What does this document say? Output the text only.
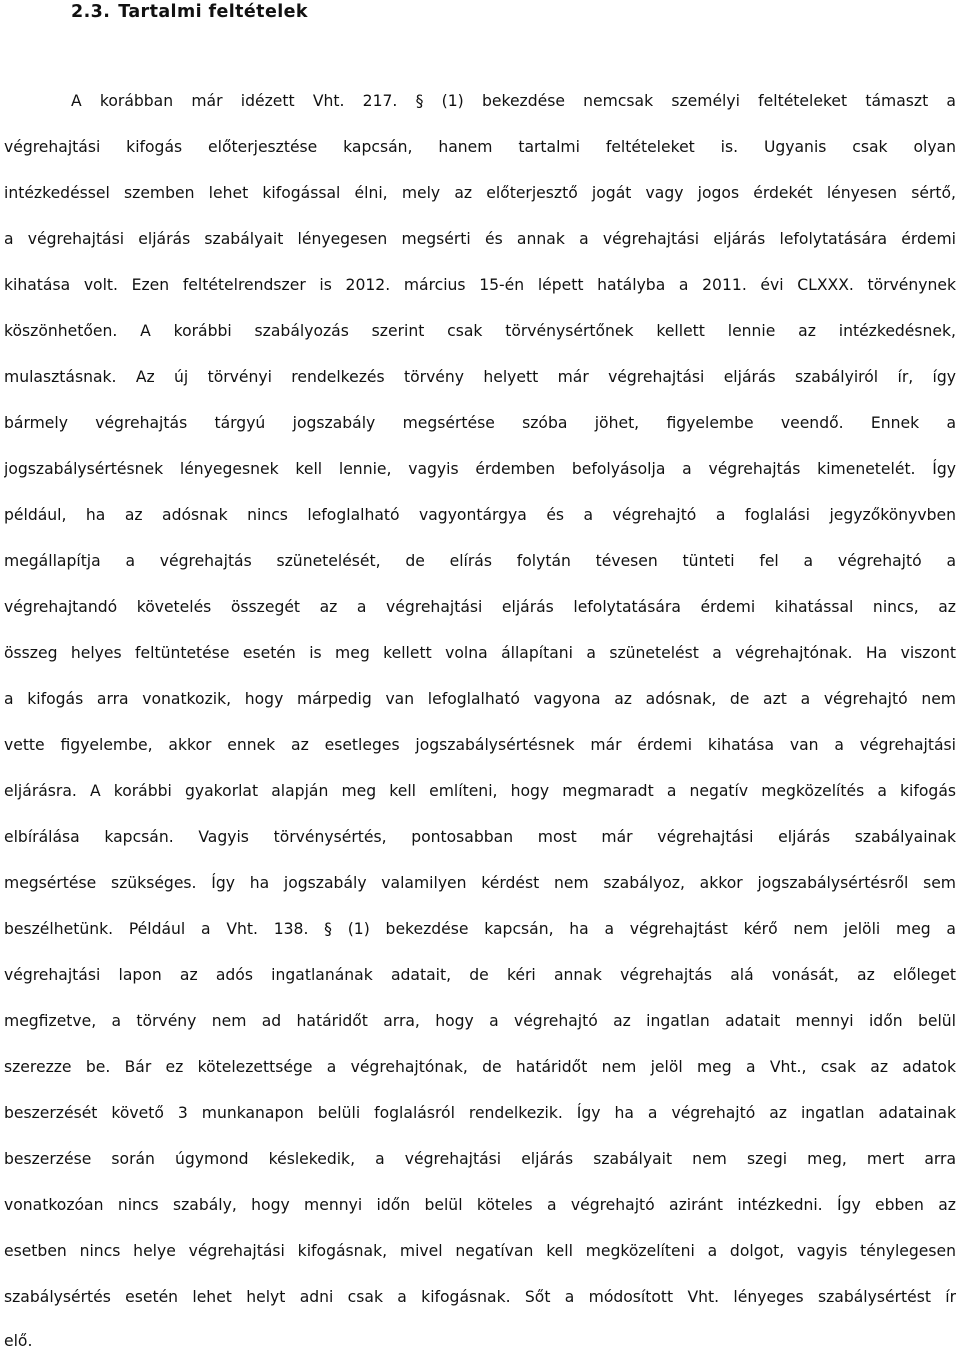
2.3. Tartalmi feltételek

A korábban már idézett Vht. 217. § (1) bekezdése nemcsak személyi feltételeket támaszt a

végrehajtási kifogás előterjesztése kapcsán, hanem tartalmi feltételeket is. Ugyanis csak olyan

intézkedéssel szemben lehet kifogással élni, mely az előterjesztő jogát vagy jogos érdekét lényesen sértő,

a végrehajtási eljárás szabályait lényegesen megsérti és annak a végrehajtási eljárás lefolytatására érdemi

kihatása volt. Ezen feltételrendszer is 2012. március 15-én lépett hatályba a 2011. évi CLXXX. törvénynek

köszönhetően. A korábbi szabályozás szerint csak törvénysértőnek kellett lennie az intézkedésnek,

mulasztásnak. Az új törvényi rendelkezés törvény helyett már végrehajtási eljárás szabályiról ír, így

bármely végrehajtás tárgyú jogszabály megsértése szóba jöhet, figyelembe veendő. Ennek a

jogszabálysértésnek lényegesnek kell lennie, vagyis érdemben befolyásolja a végrehajtás kimenetelét. Így

például, ha az adósnak nincs lefoglalható vagyontárgya és a végrehajtó a foglalási jegyzőkönyvben

megállapítja a végrehajtás szünetelését, de elírás folytán tévesen tünteti fel a végrehajtó a

végrehajtandó követelés összegét az a végrehajtási eljárás lefolytatására érdemi kihatással nincs, az

összeg helyes feltüntetése esetén is meg kellett volna állapítani a szünetelést a végrehajtónak. Ha viszont

a kifogás arra vonatkozik, hogy márpedig van lefoglalható vagyona az adósnak, de azt a végrehajtó nem

vette figyelembe, akkor ennek az esetleges jogszabálysértésnek már érdemi kihatása van a végrehajtási

eljárásra. A korábbi gyakorlat alapján meg kell említeni, hogy megmaradt a negatív megközelítés a kifogás

elbírálása kapcsán. Vagyis törvénysértés, pontosabban most már végrehajtási eljárás szabályainak

megsértése szükséges. Így ha jogszabály valamilyen kérdést nem szabályoz, akkor jogszabálysértésről sem

beszélhetünk. Például a Vht. 138. § (1) bekezdése kapcsán, ha a végrehajtást kérő nem jelöli meg a

végrehajtási lapon az adós ingatlanának adatait, de kéri annak végrehajtás alá vonását, az előleget

megfizetve, a törvény nem ad határidőt arra, hogy a végrehajtó az ingatlan adatait mennyi időn belül

szerezze be. Bár ez kötelezettsége a végrehajtónak, de határidőt nem jelöl meg a Vht., csak az adatok

beszerzését követő 3 munkanapon belüli foglalásról rendelkezik. Így ha a végrehajtó az ingatlan adatainak

beszerzése során úgymond késlekedik, a végrehajtási eljárás szabályait nem szegi meg, mert arra

vonatkozóan nincs szabály, hogy mennyi időn belül köteles a végrehajtó aziránt intézkedni. Így ebben az

esetben nincs helye végrehajtási kifogásnak, mivel negatívan kell megközelíteni a dolgot, vagyis ténylegesen

szabálysértés esetén lehet helyt adni csak a kifogásnak. Sőt a módosított Vht. lényeges szabálysértést ír

elő.
